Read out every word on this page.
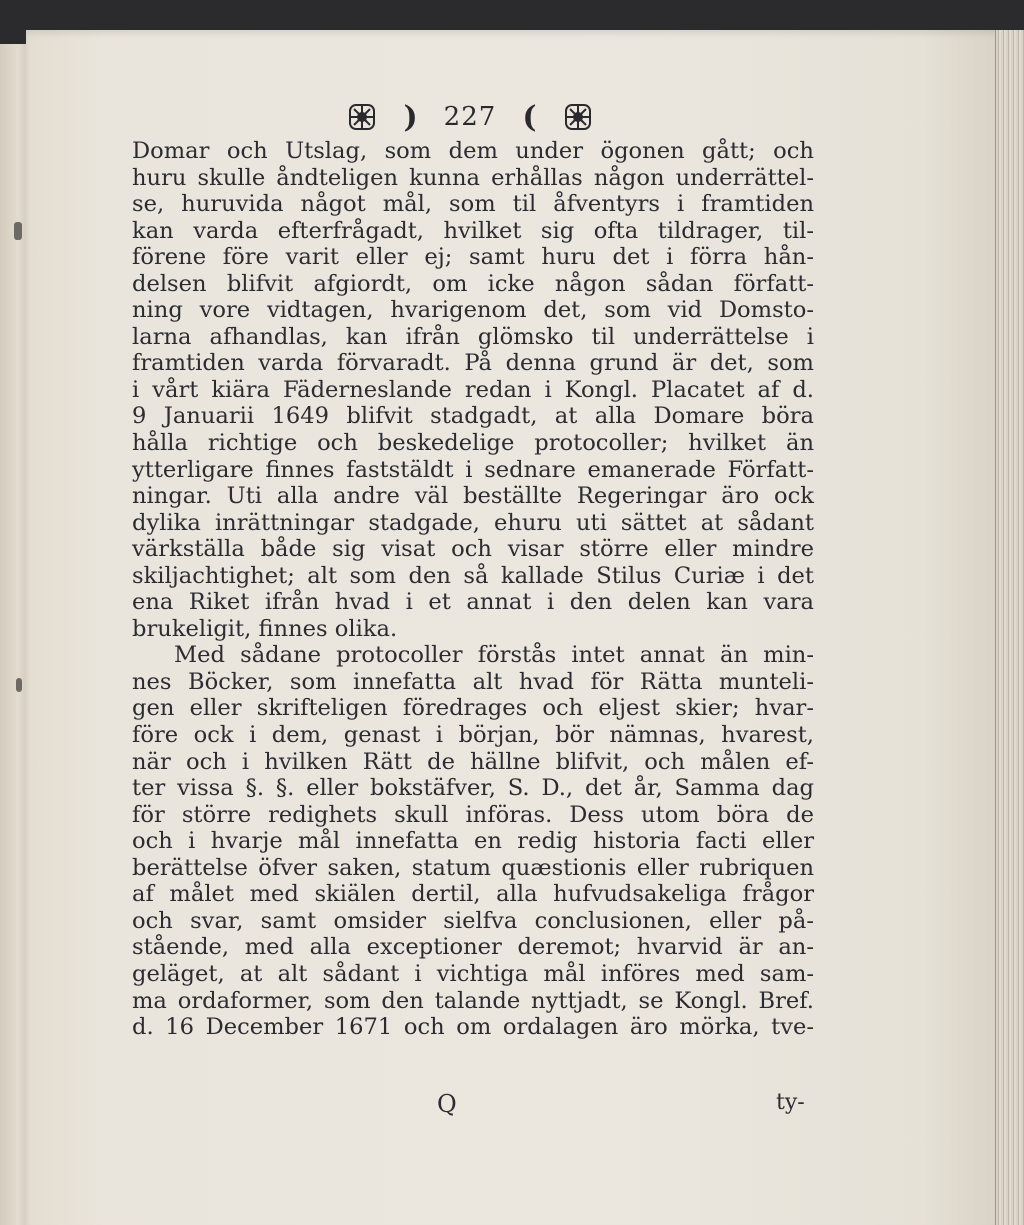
) 227 (
Domar och Utslag, som dem under ögonen gått; och
huru skulle åndteligen kunna erhållas någon underrättel-
se, huruvida något mål, som til åfventyrs i framtiden
kan varda efterfrågadt, hvilket sig ofta tildrager, til-
förene före varit eller ej; samt huru det i förra hån-
delsen blifvit afgiordt, om icke någon sådan författ-
ning vore vidtagen, hvarigenom det, som vid Domsto-
larna afhandlas, kan ifrån glömsko til underrättelse i
framtiden varda förvaradt. På denna grund är det, som
i vårt kiära Fäderneslande redan i Kongl. Placatet af d.
9 Januarii 1649 blifvit stadgadt, at alla Domare böra
hålla richtige och beskedelige protocoller; hvilket än
ytterligare finnes faststäldt i sednare emanerade Författ-
ningar. Uti alla andre väl beställte Regeringar äro ock
dylika inrättningar stadgade, ehuru uti sättet at sådant
värkställa både sig visat och visar större eller mindre
skiljachtighet; alt som den så kallade Stilus Curiæ i det
ena Riket ifrån hvad i et annat i den delen kan vara
brukeligit, finnes olika.
Med sådane protocoller förstås intet annat än min-
nes Böcker, som innefatta alt hvad för Rätta munteli-
gen eller skrifteligen föredrages och eljest skier; hvar-
före ock i dem, genast i början, bör nämnas, hvarest,
när och i hvilken Rätt de hällne blifvit, och målen ef-
ter vissa §. §. eller bokstäfver, S. D., det år, Samma dag
för större redighets skull införas. Dess utom böra de
och i hvarje mål innefatta en redig historia facti eller
berättelse öfver saken, statum quæstionis eller rubriquen
af målet med skiälen dertil, alla hufvudsakeliga frågor
och svar, samt omsider sielfva conclusionen, eller på-
stående, med alla exceptioner deremot; hvarvid är an-
geläget, at alt sådant i vichtiga mål införes med sam-
ma ordaformer, som den talande nyttjadt, se Kongl. Bref.
d. 16 December 1671 och om ordalagen äro mörka, tve-
Q	ty-
